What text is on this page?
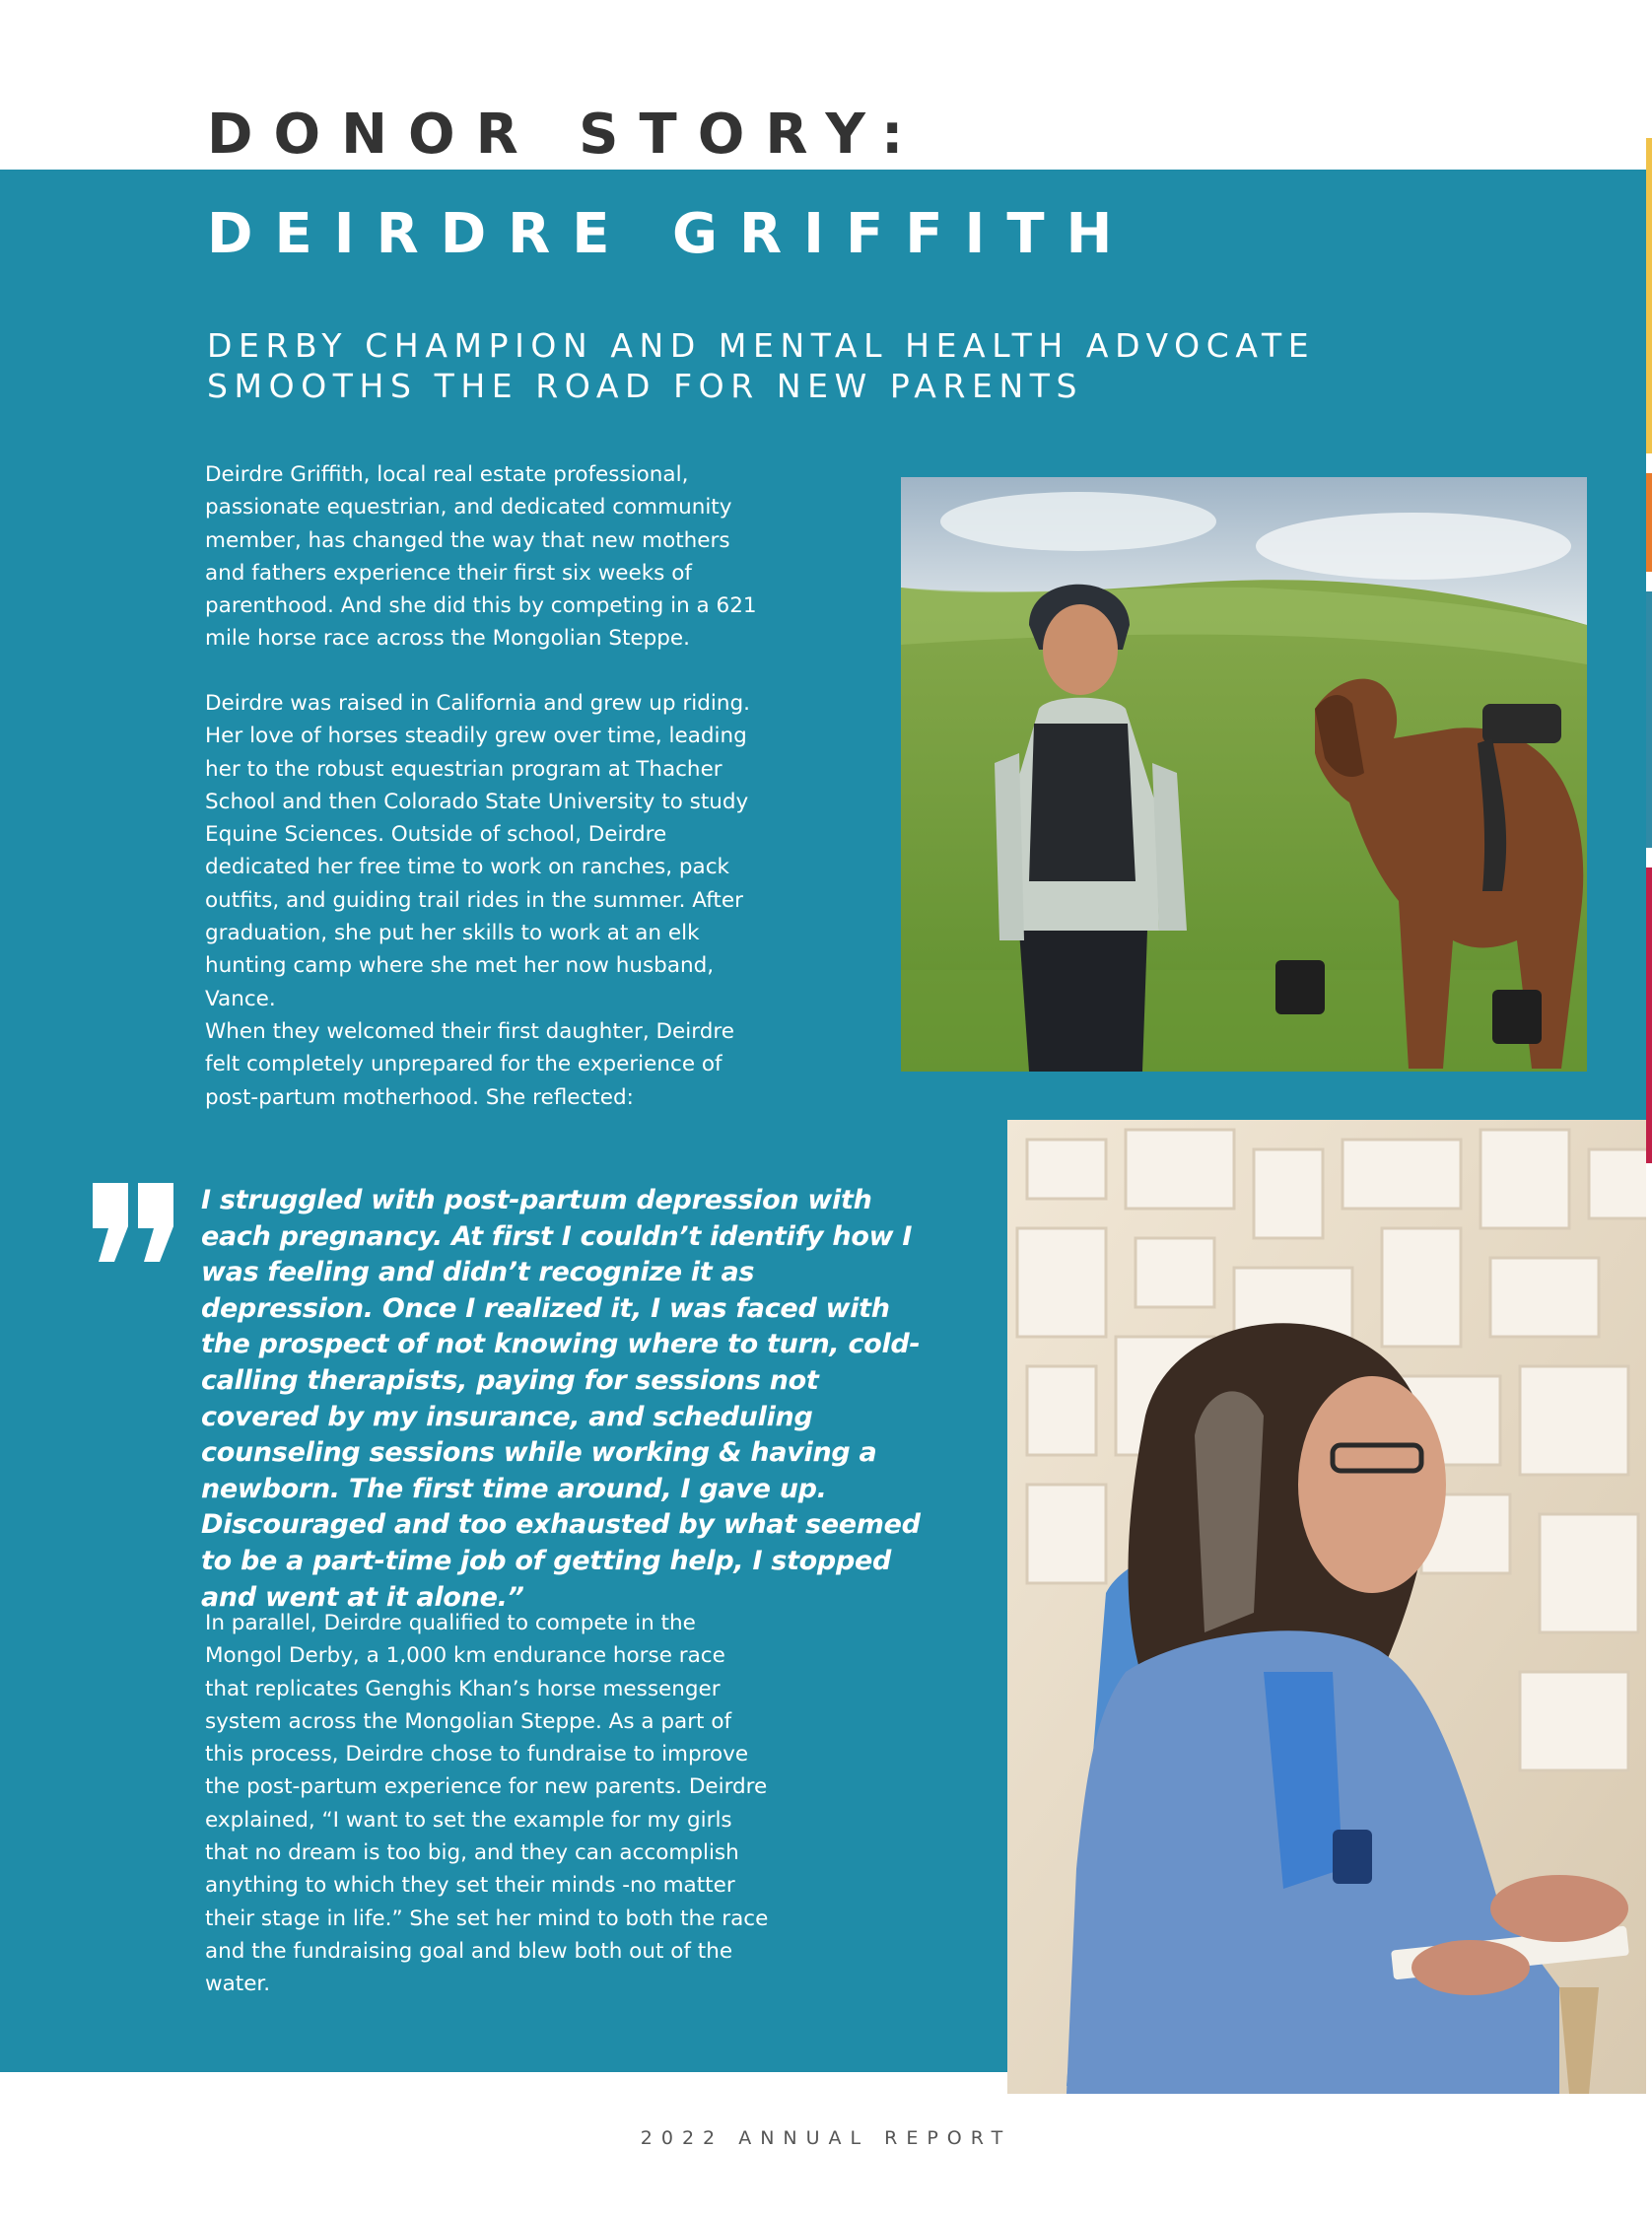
DONOR STORY:
DEIRDRE GRIFFITH
DERBY CHAMPION AND MENTAL HEALTH ADVOCATE
SMOOTHS THE ROAD FOR NEW PARENTS

Deirdre Griffith, local real estate professional, passionate equestrian, and dedicated community member, has changed the way that new mothers and fathers experience their first six weeks of parenthood. And she did this by competing in a 621 mile horse race across the Mongolian Steppe.

Deirdre was raised in California and grew up riding. Her love of horses steadily grew over time, leading her to the robust equestrian program at Thacher School and then Colorado State University to study Equine Sciences. Outside of school, Deirdre dedicated her free time to work on ranches, pack outfits, and guiding trail rides in the summer. After graduation, she put her skills to work at an elk hunting camp where she met her now husband, Vance.

When they welcomed their first daughter, Deirdre felt completely unprepared for the experience of post-partum motherhood. She reflected:

I struggled with post-partum depression with each pregnancy. At first I couldn’t identify how I was feeling and didn’t recognize it as depression. Once I realized it, I was faced with the prospect of not knowing where to turn, cold-calling therapists, paying for sessions not covered by my insurance, and scheduling counseling sessions while working & having a newborn. The first time around, I gave up. Discouraged and too exhausted by what seemed to be a part-time job of getting help, I stopped and went at it alone.”

In parallel, Deirdre qualified to compete in the Mongol Derby, a 1,000 km endurance horse race that replicates Genghis Khan’s horse messenger system across the Mongolian Steppe. As a part of this process, Deirdre chose to fundraise to improve the post-partum experience for new parents. Deirdre explained, “I want to set the example for my girls that no dream is too big, and they can accomplish anything to which they set their minds -no matter their stage in life.” She set her mind to both the race and the fundraising goal and blew both out of the water.

2022 ANNUAL REPORT
